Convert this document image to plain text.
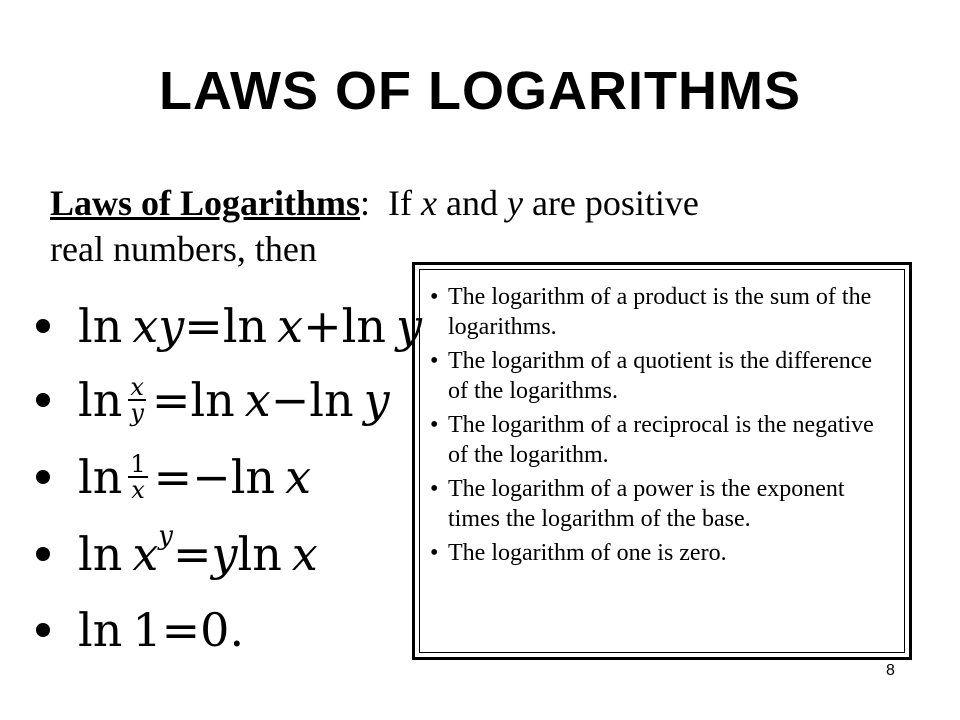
LAWS OF LOGARITHMS
Laws of Logarithms: If x and y are positive
real numbers, then
ln xy = ln x + ln y
$\ln \frac{x}{y} = \ln x - \ln y$
$\ln \frac{1}{x}$ = − ln x
ln x y = y ln x
ln 1 = 0.
• The logarithm of a product is the sum of the logarithms.
• The logarithm of a quotient is the difference of the logarithms.
• The logarithm of a reciprocal is the negative of the logarithm.
• The logarithm of a power is the exponent times the logarithm of the base.
• The logarithm of one is zero.
8
